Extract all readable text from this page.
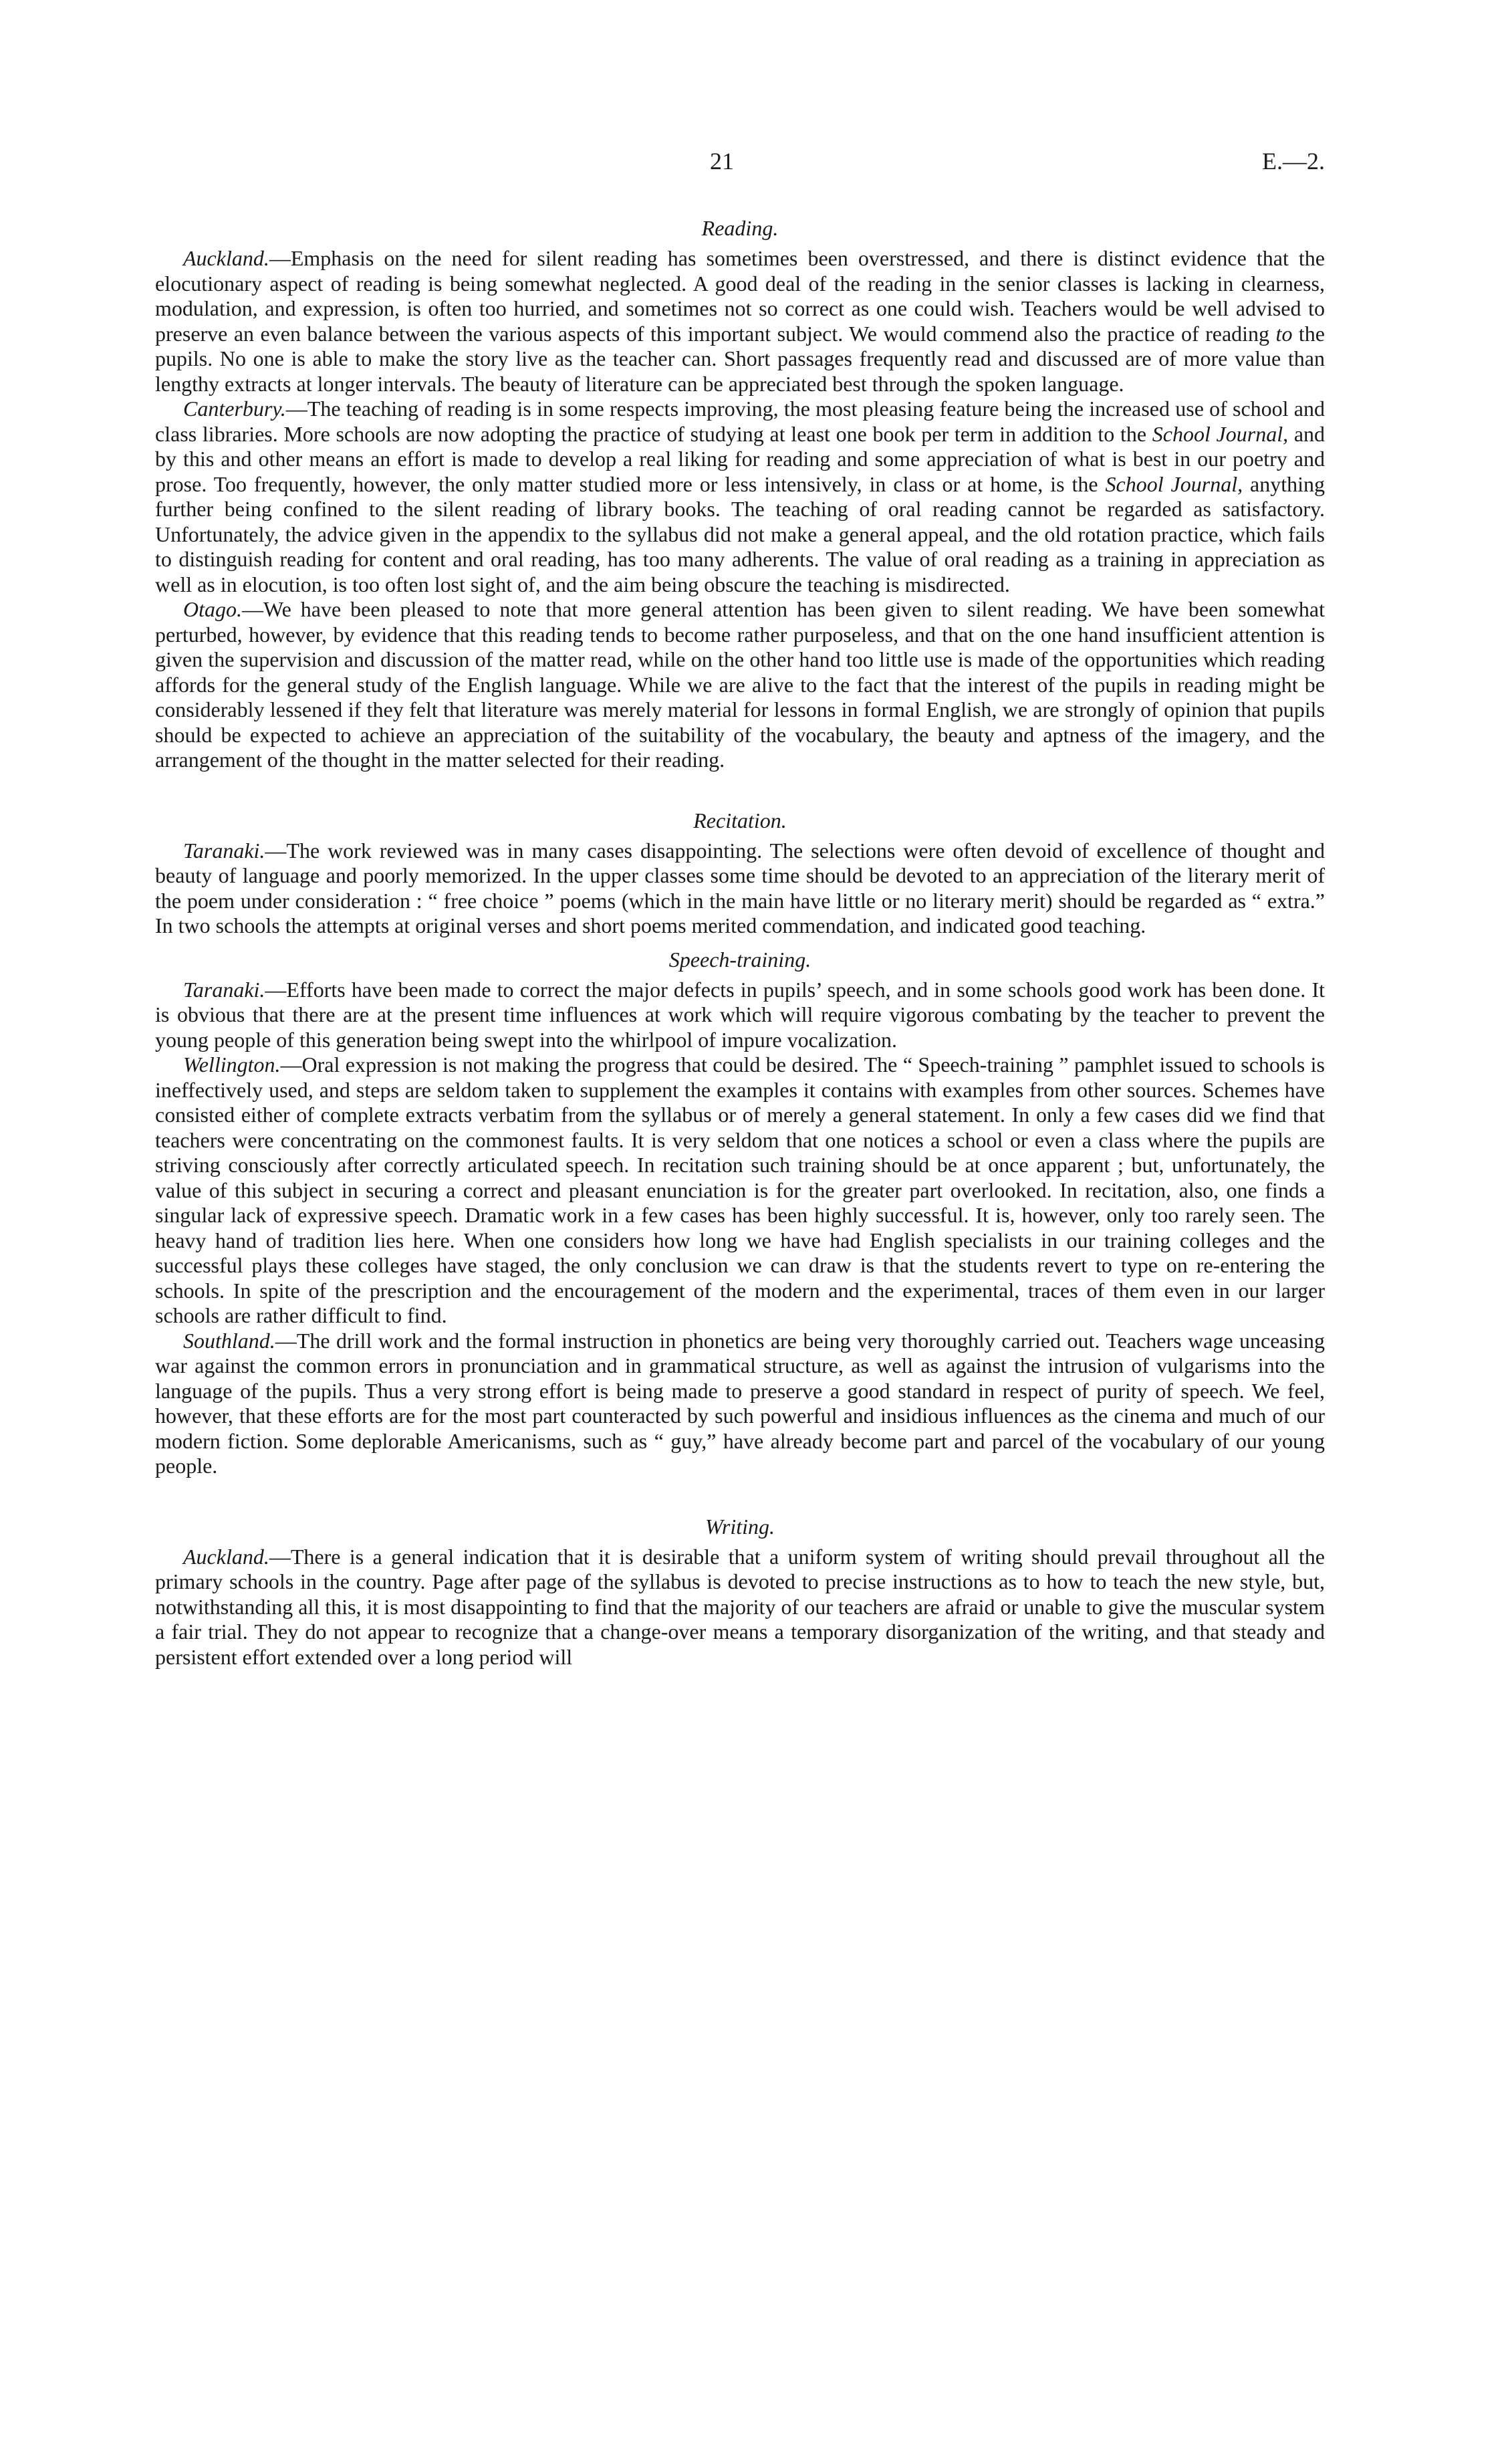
21	E.—2.
Reading.

Auckland.—Emphasis on the need for silent reading has sometimes been overstressed, and there is distinct evidence that the elocutionary aspect of reading is being somewhat neglected. A good deal of the reading in the senior classes is lacking in clearness, modulation, and expression, is often too hurried, and sometimes not so correct as one could wish. Teachers would be well advised to preserve an even balance between the various aspects of this important subject. We would commend also the practice of reading to the pupils. No one is able to make the story live as the teacher can. Short passages frequently read and discussed are of more value than lengthy extracts at longer intervals. The beauty of literature can be appreciated best through the spoken language.

Canterbury.—The teaching of reading is in some respects improving, the most pleasing feature being the increased use of school and class libraries. More schools are now adopting the practice of studying at least one book per term in addition to the School Journal, and by this and other means an effort is made to develop a real liking for reading and some appreciation of what is best in our poetry and prose. Too frequently, however, the only matter studied more or less intensively, in class or at home, is the School Journal, anything further being confined to the silent reading of library books. The teaching of oral reading cannot be regarded as satisfactory. Unfortunately, the advice given in the appendix to the syllabus did not make a general appeal, and the old rotation practice, which fails to distinguish reading for content and oral reading, has too many adherents. The value of oral reading as a training in appreciation as well as in elocution, is too often lost sight of, and the aim being obscure the teaching is misdirected.

Otago.—We have been pleased to note that more general attention has been given to silent reading. We have been somewhat perturbed, however, by evidence that this reading tends to become rather purposeless, and that on the one hand insufficient attention is given the supervision and discussion of the matter read, while on the other hand too little use is made of the opportunities which reading affords for the general study of the English language. While we are alive to the fact that the interest of the pupils in reading might be considerably lessened if they felt that literature was merely material for lessons in formal English, we are strongly of opinion that pupils should be expected to achieve an appreciation of the suitability of the vocabulary, the beauty and aptness of the imagery, and the arrangement of the thought in the matter selected for their reading.

Recitation.

Taranaki.—The work reviewed was in many cases disappointing. The selections were often devoid of excellence of thought and beauty of language and poorly memorized. In the upper classes some time should be devoted to an appreciation of the literary merit of the poem under consideration : “ free choice ” poems (which in the main have little or no literary merit) should be regarded as “ extra.” In two schools the attempts at original verses and short poems merited commendation, and indicated good teaching.

Speech-training.

Taranaki.—Efforts have been made to correct the major defects in pupils’ speech, and in some schools good work has been done. It is obvious that there are at the present time influences at work which will require vigorous combating by the teacher to prevent the young people of this generation being swept into the whirlpool of impure vocalization.

Wellington.—Oral expression is not making the progress that could be desired. The “ Speech-training ” pamphlet issued to schools is ineffectively used, and steps are seldom taken to supplement the examples it contains with examples from other sources. Schemes have consisted either of complete extracts verbatim from the syllabus or of merely a general statement. In only a few cases did we find that teachers were concentrating on the commonest faults. It is very seldom that one notices a school or even a class where the pupils are striving consciously after correctly articulated speech. In recitation such training should be at once apparent ; but, unfortunately, the value of this subject in securing a correct and pleasant enunciation is for the greater part overlooked. In recitation, also, one finds a singular lack of expressive speech. Dramatic work in a few cases has been highly successful. It is, however, only too rarely seen. The heavy hand of tradition lies here. When one considers how long we have had English specialists in our training colleges and the successful plays these colleges have staged, the only conclusion we can draw is that the students revert to type on re-entering the schools. In spite of the prescription and the encouragement of the modern and the experimental, traces of them even in our larger schools are rather difficult to find.

Southland.—The drill work and the formal instruction in phonetics are being very thoroughly carried out. Teachers wage unceasing war against the common errors in pronunciation and in grammatical structure, as well as against the intrusion of vulgarisms into the language of the pupils. Thus a very strong effort is being made to preserve a good standard in respect of purity of speech. We feel, however, that these efforts are for the most part counteracted by such powerful and insidious influences as the cinema and much of our modern fiction. Some deplorable Americanisms, such as “ guy,” have already become part and parcel of the vocabulary of our young people.

Writing.

Auckland.—There is a general indication that it is desirable that a uniform system of writing should prevail throughout all the primary schools in the country. Page after page of the syllabus is devoted to precise instructions as to how to teach the new style, but, notwithstanding all this, it is most disappointing to find that the majority of our teachers are afraid or unable to give the muscular system a fair trial. They do not appear to recognize that a change-over means a temporary disorganization of the writing, and that steady and persistent effort extended over a long period will
